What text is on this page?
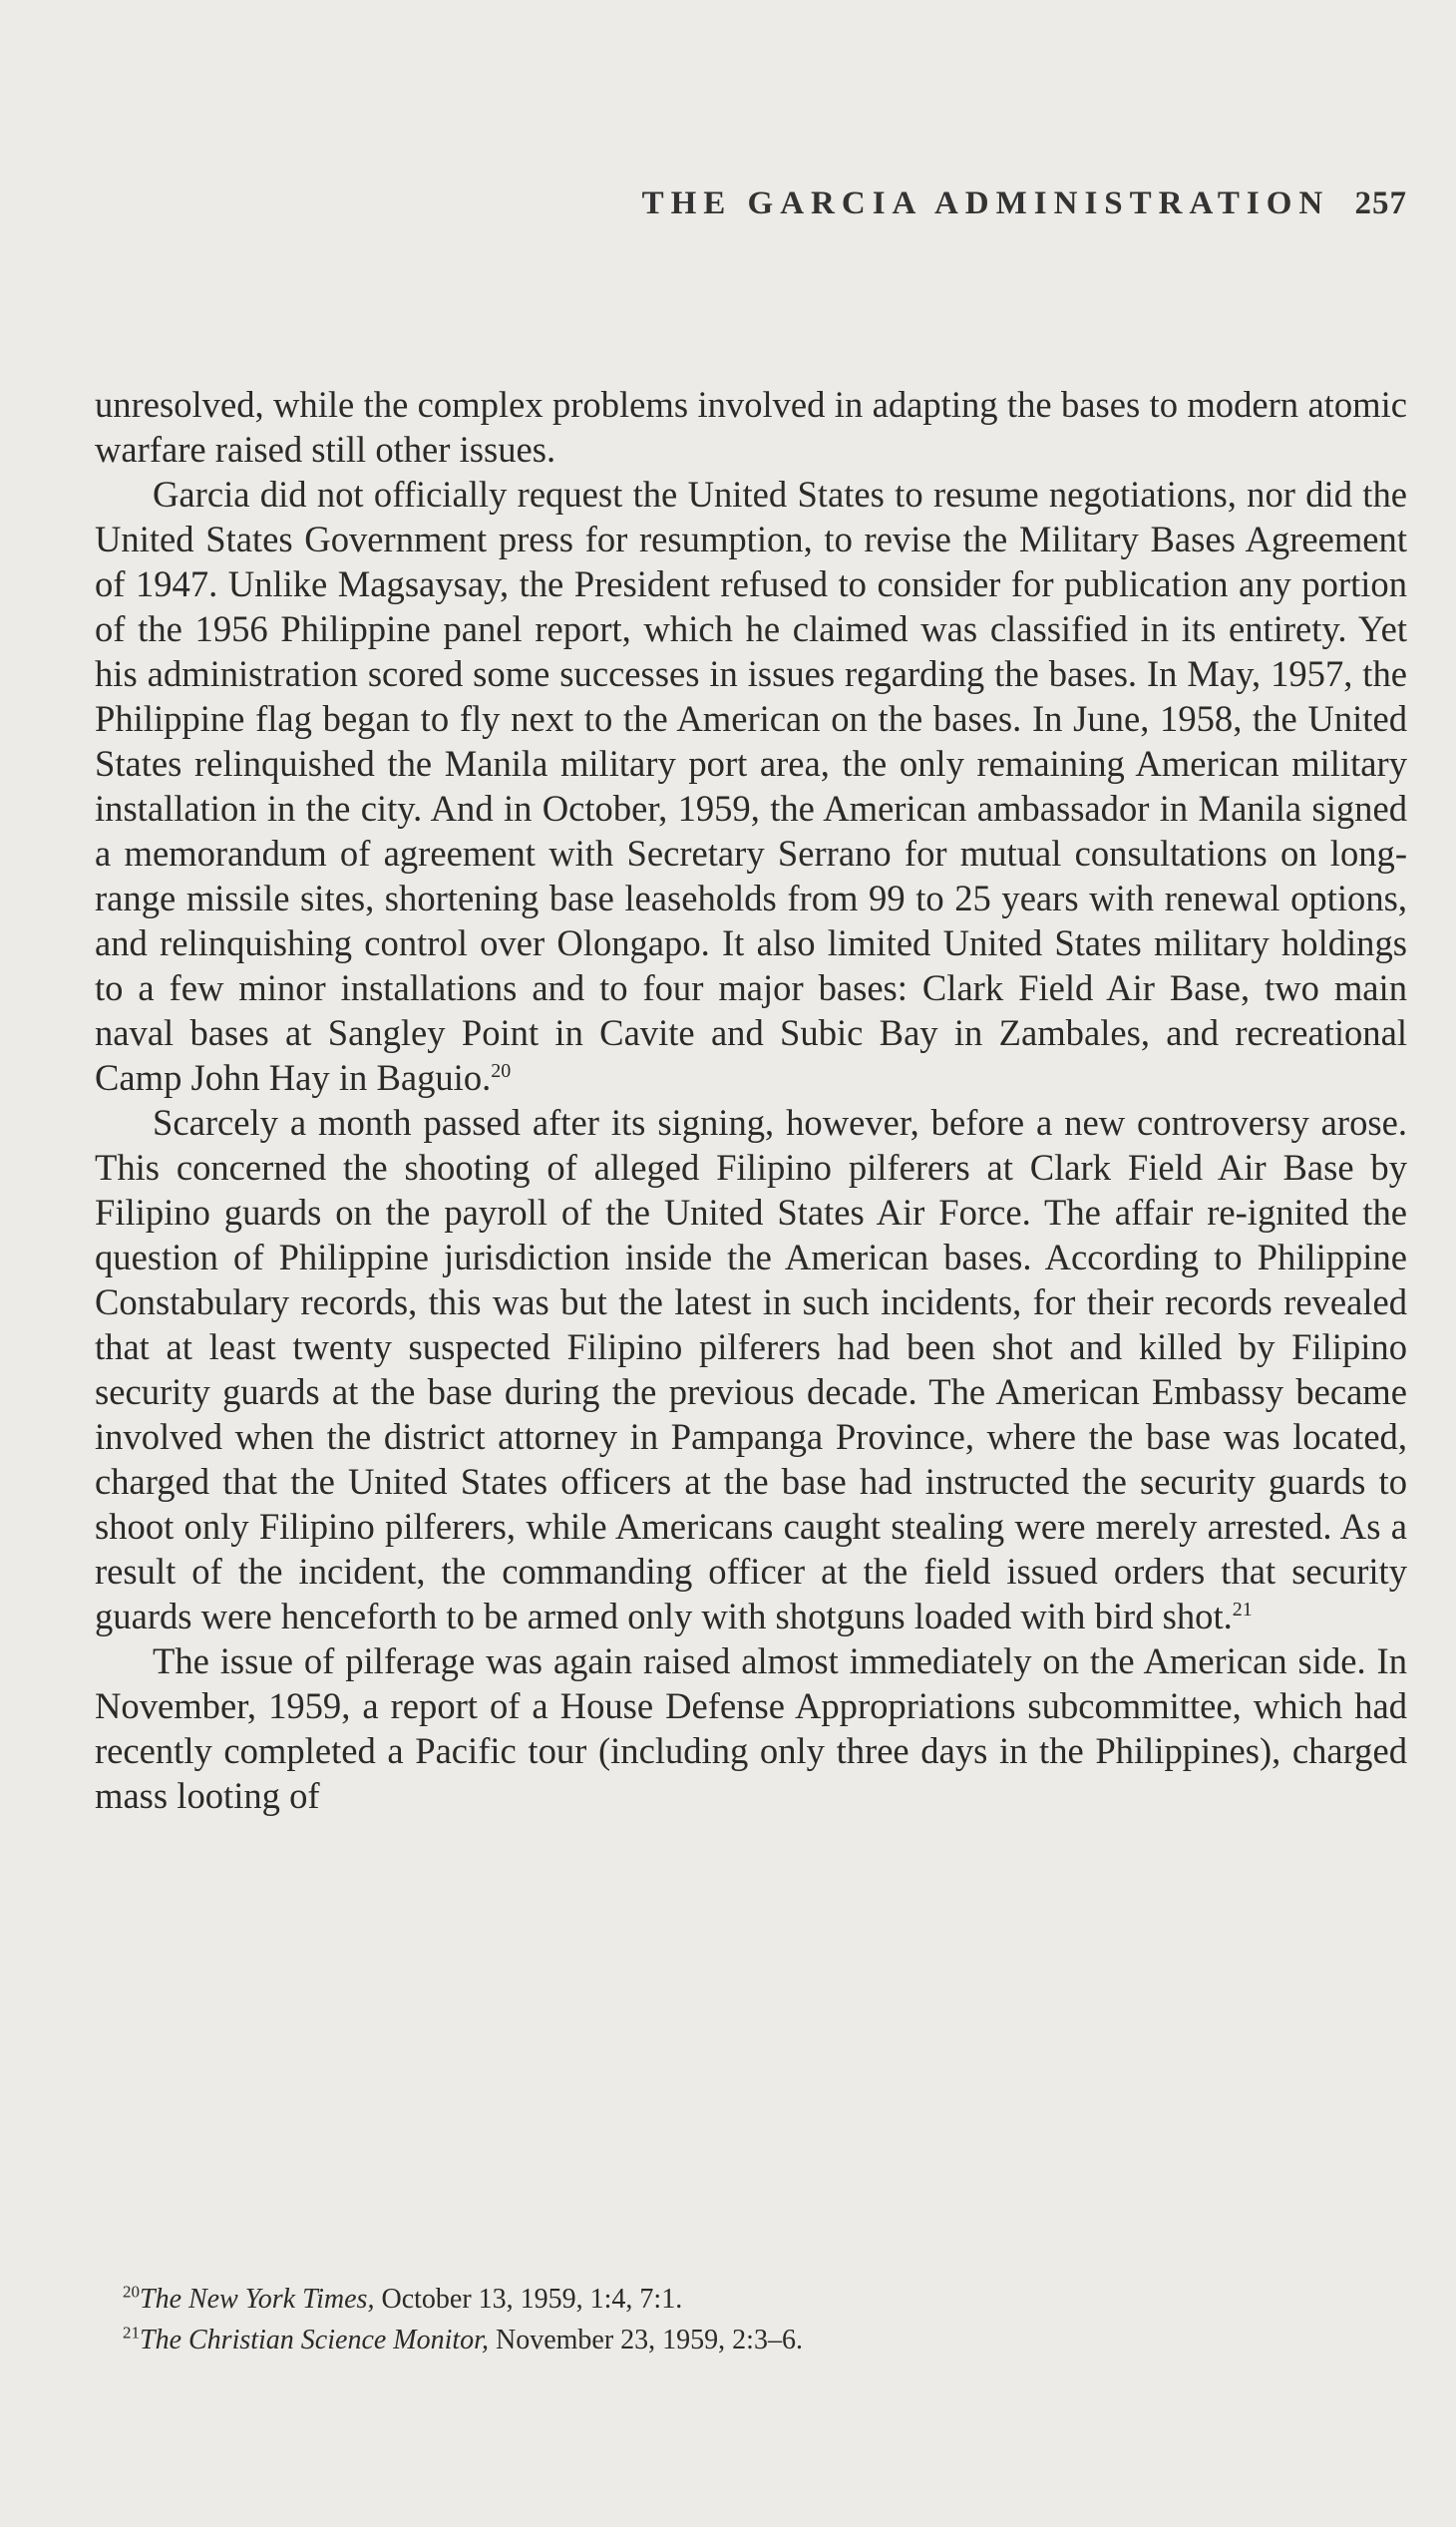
THE GARCIA ADMINISTRATION 257

unresolved, while the complex problems involved in adapting the bases to modern atomic warfare raised still other issues.

Garcia did not officially request the United States to resume negotiations, nor did the United States Government press for resumption, to revise the Military Bases Agreement of 1947. Unlike Magsaysay, the President refused to consider for publication any portion of the 1956 Philippine panel report, which he claimed was classified in its entirety. Yet his administration scored some successes in issues regarding the bases. In May, 1957, the Philippine flag began to fly next to the American on the bases. In June, 1958, the United States relinquished the Manila military port area, the only remaining American military installation in the city. And in October, 1959, the American ambassador in Manila signed a memorandum of agreement with Secretary Serrano for mutual consultations on long-range missile sites, shortening base leaseholds from 99 to 25 years with renewal options, and relinquishing control over Olongapo. It also limited United States military holdings to a few minor installations and to four major bases: Clark Field Air Base, two main naval bases at Sangley Point in Cavite and Subic Bay in Zambales, and recreational Camp John Hay in Baguio.$^{20}$

Scarcely a month passed after its signing, however, before a new controversy arose. This concerned the shooting of alleged Filipino pilferers at Clark Field Air Base by Filipino guards on the payroll of the United States Air Force. The affair re-ignited the question of Philippine jurisdiction inside the American bases. According to Philippine Constabulary records, this was but the latest in such incidents, for their records revealed that at least twenty suspected Filipino pilferers had been shot and killed by Filipino security guards at the base during the previous decade. The American Embassy became involved when the district attorney in Pampanga Province, where the base was located, charged that the United States officers at the base had instructed the security guards to shoot only Filipino pilferers, while Americans caught stealing were merely arrested. As a result of the incident, the commanding officer at the field issued orders that security guards were henceforth to be armed only with shotguns loaded with bird shot.$^{21}$

The issue of pilferage was again raised almost immediately on the American side. In November, 1959, a report of a House Defense Appropriations subcommittee, which had recently completed a Pacific tour (including only three days in the Philippines), charged mass looting of

$^{20}$The New York Times, October 13, 1959, 1:4, 7:1.

$^{21}$The Christian Science Monitor, November 23, 1959, 2:3–6.
